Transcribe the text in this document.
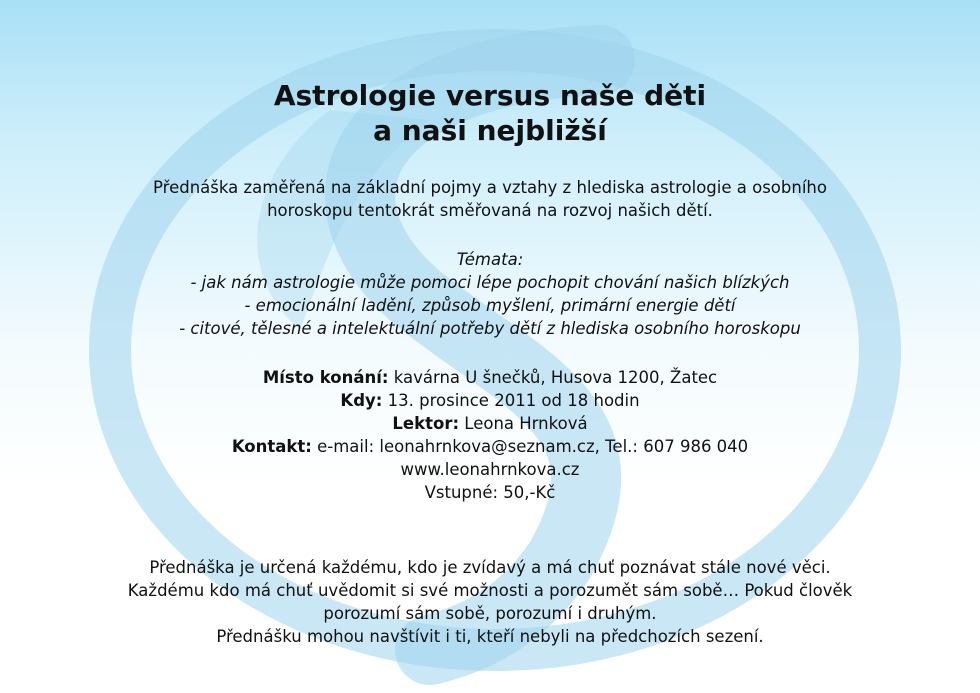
Astrologie versus naše děti
a naši nejbližší
Přednáška zaměřená na základní pojmy a vztahy z hlediska astrologie a osobního
horoskopu tentokrát směřovaná na rozvoj našich dětí.
Témata:
- jak nám astrologie může pomoci lépe pochopit chování našich blízkých
- emocionální ladění, způsob myšlení, primární energie dětí
- citové, tělesné a intelektuální potřeby dětí z hlediska osobního horoskopu
Místo konání: kavárna U šnečků, Husova 1200, Žatec
Kdy: 13. prosince 2011 od 18 hodin
Lektor: Leona Hrnková
Kontakt: e-mail: leonahrnkova@seznam.cz, Tel.: 607 986 040
www.leonahrnkova.cz
Vstupné: 50,-Kč
Přednáška je určená každému, kdo je zvídavý a má chuť poznávat stále nové věci.
Každému kdo má chuť uvědomit si své možnosti a porozumět sám sobě… Pokud člověk
porozumí sám sobě, porozumí i druhým.
Přednášku mohou navštívit i ti, kteří nebyli na předchozích sezení.
